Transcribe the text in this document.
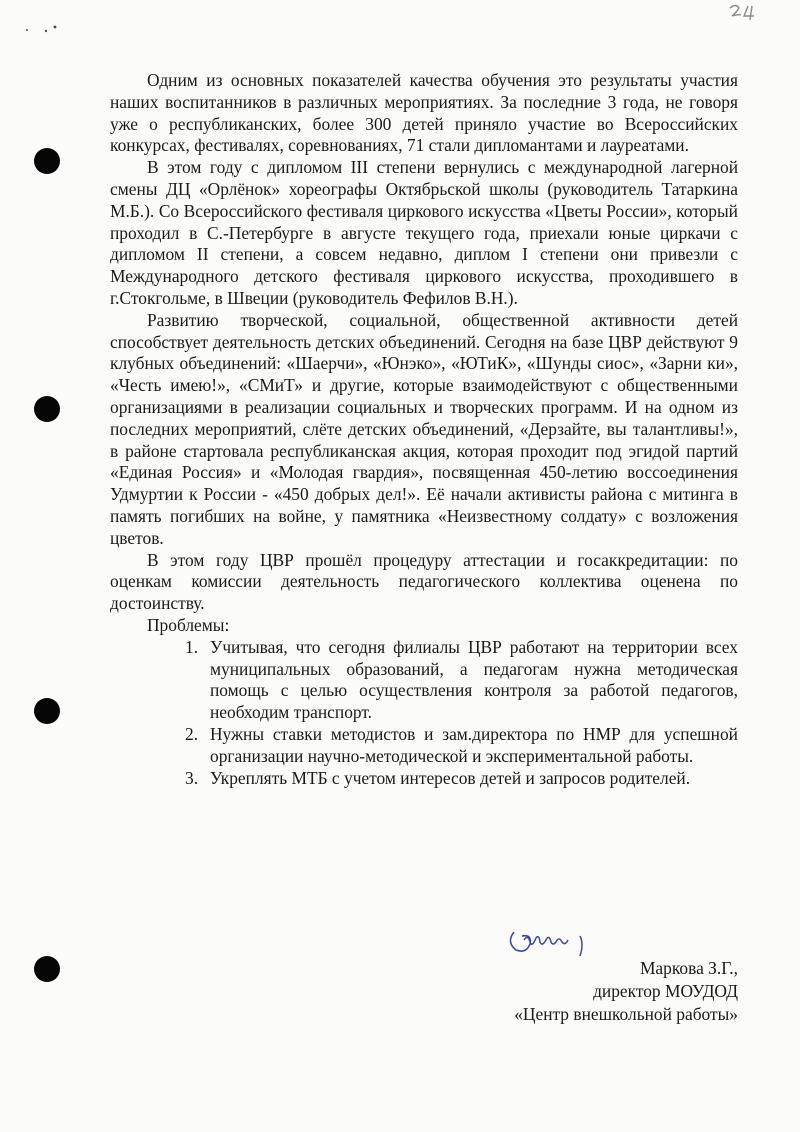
Одним из основных показателей качества обучения это результаты участия наших воспитанников в различных мероприятиях. За последние 3 года, не говоря уже о республиканских, более 300 детей приняло участие во Всероссийских конкурсах, фестивалях, соревнованиях, 71 стали дипломантами и лауреатами.

В этом году с дипломом III степени вернулись с международной лагерной смены ДЦ «Орлёнок» хореографы Октябрьской школы (руководитель Татаркина М.Б.). Со Всероссийского фестиваля циркового искусства «Цветы России», который проходил в С.-Петербурге в августе текущего года, приехали юные циркачи с дипломом II степени, а совсем недавно, диплом I степени они привезли с Международного детского фестиваля циркового искусства, проходившего в г.Стокгольме, в Швеции (руководитель Фефилов В.Н.).

Развитию творческой, социальной, общественной активности детей способствует деятельность детских объединений. Сегодня на базе ЦВР действуют 9 клубных объединений: «Шаерчи», «Юнэко», «ЮТиК», «Шунды сиос», «Зарни ки», «Честь имею!», «СМиТ» и другие, которые взаимодействуют с общественными организациями в реализации социальных и творческих программ. И на одном из последних мероприятий, слёте детских объединений, «Дерзайте, вы талантливы!», в районе стартовала республиканская акция, которая проходит под эгидой партий «Единая Россия» и «Молодая гвардия», посвященная 450-летию воссоединения Удмуртии к России - «450 добрых дел!». Её начали активисты района с митинга в память погибших на войне, у памятника «Неизвестному солдату» с возложения цветов.

В этом году ЦВР прошёл процедуру аттестации и госаккредитации: по оценкам комиссии деятельность педагогического коллектива оценена по достоинству.

Проблемы:

1. Учитывая, что сегодня филиалы ЦВР работают на территории всех муниципальных образований, а педагогам нужна методическая помощь с целью осуществления контроля за работой педагогов, необходим транспорт.
2. Нужны ставки методистов и зам.директора по НМР для успешной организации научно-методической и экспериментальной работы.
3. Укреплять МТБ с учетом интересов детей и запросов родителей.
Маркова З.Г.,
директор МОУДОД
«Центр внешкольной работы»
